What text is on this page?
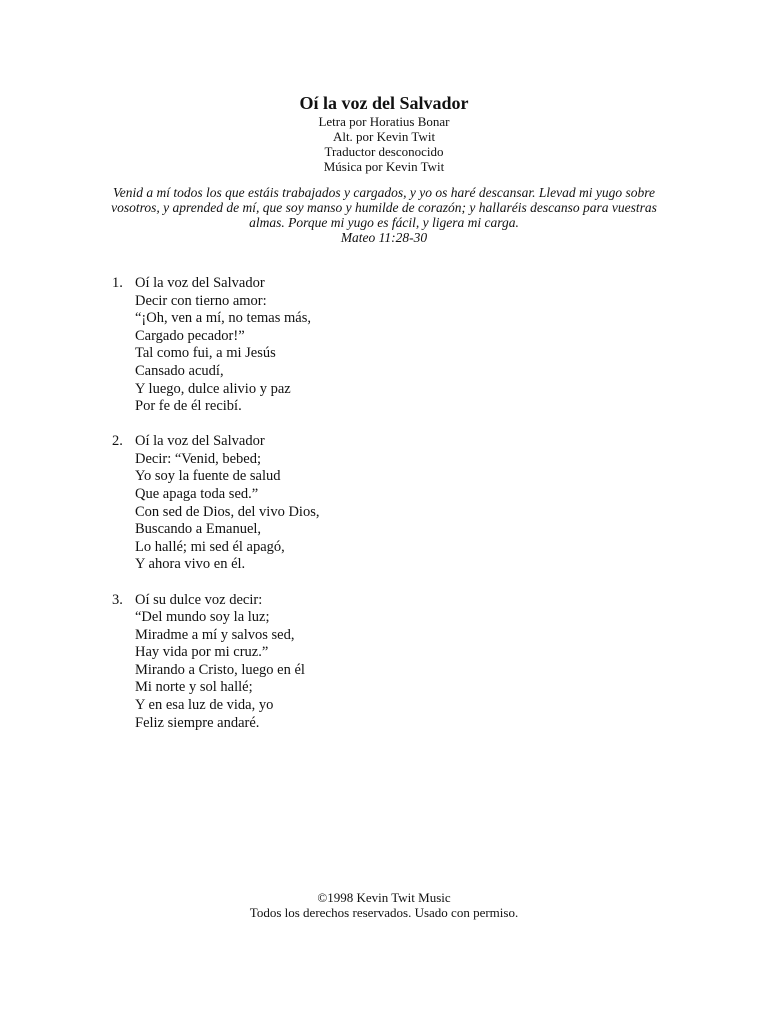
Oí la voz del Salvador

Letra por Horatius Bonar

Alt. por Kevin Twit

Traductor desconocido

Música por Kevin Twit

Venid a mí todos los que estáis trabajados y cargados, y yo os haré descansar. Llevad mi yugo sobre vosotros, y aprended de mí, que soy manso y humilde de corazón; y hallaréis descanso para vuestras almas. Porque mi yugo es fácil, y ligera mi carga.

Mateo 11:28-30

1. Oí la voz del Salvador
Decir con tierno amor:
“¡Oh, ven a mí, no temas más,
Cargado pecador!”
Tal como fui, a mi Jesús
Cansado acudí,
Y luego, dulce alivio y paz
Por fe de él recibí.
2. Oí la voz del Salvador
Decir: “Venid, bebed;
Yo soy la fuente de salud
Que apaga toda sed.”
Con sed de Dios, del vivo Dios,
Buscando a Emanuel,
Lo hallé; mi sed él apagó,
Y ahora vivo en él.
3. Oí su dulce voz decir:
“Del mundo soy la luz;
Miradme a mí y salvos sed,
Hay vida por mi cruz.”
Mirando a Cristo, luego en él
Mi norte y sol hallé;
Y en esa luz de vida, yo
Feliz siempre andaré.

©1998 Kevin Twit Music

Todos los derechos reservados. Usado con permiso.
